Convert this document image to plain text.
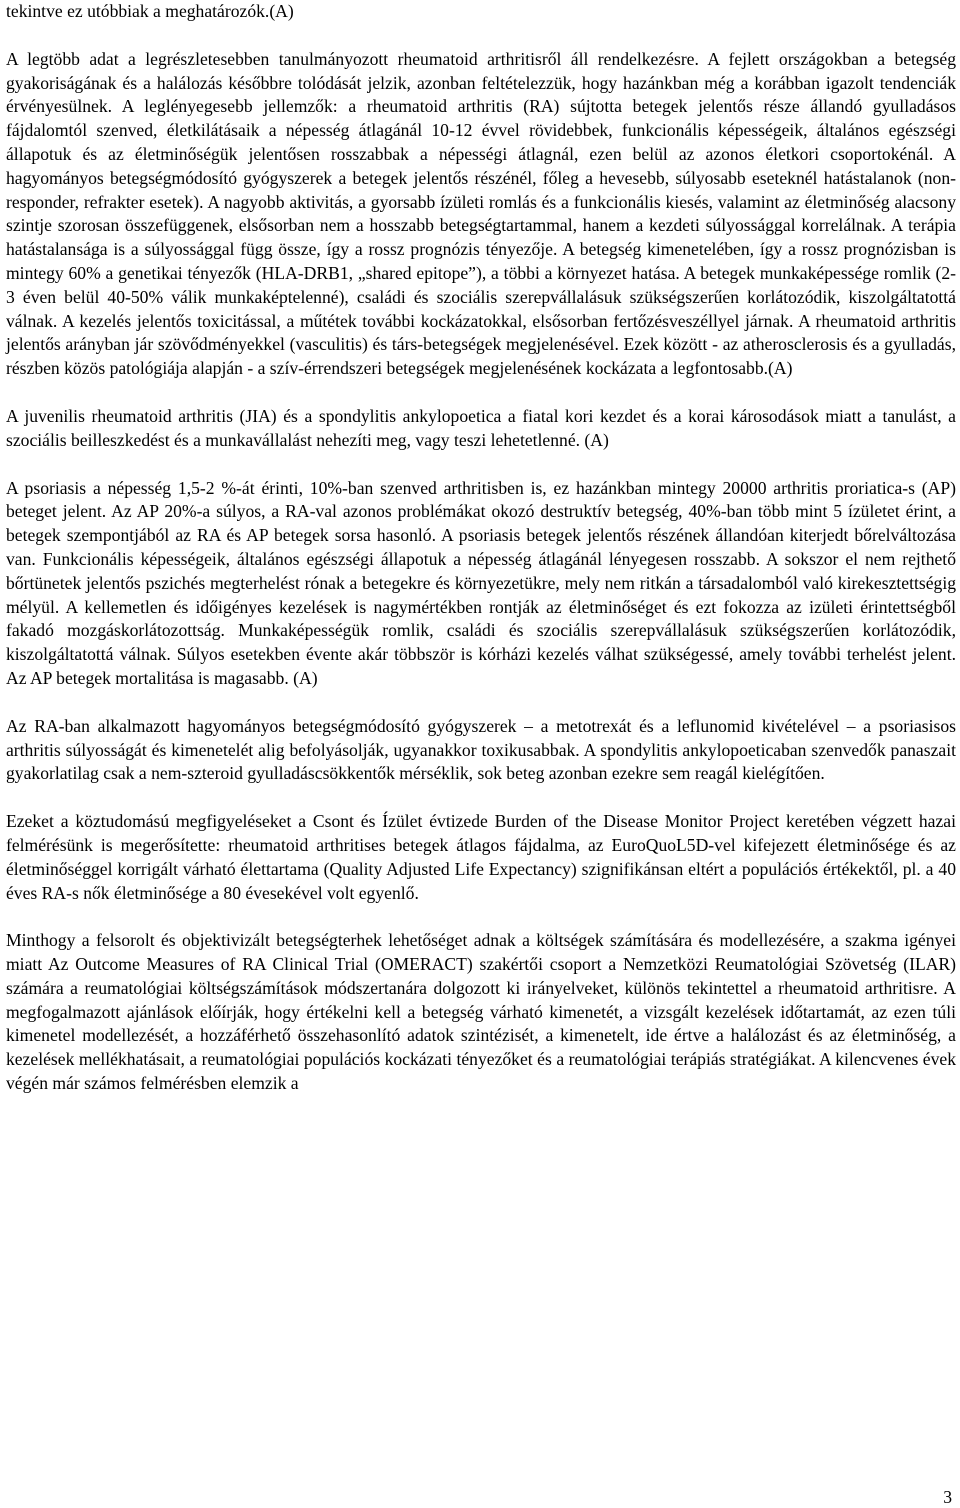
tekintve ez utóbbiak a meghatározók.(A)

A legtöbb adat a legrészletesebben tanulmányozott rheumatoid arthritisről áll rendelkezésre. A fejlett országokban a betegség gyakoriságának és a halálozás későbbre tolódását jelzik, azonban feltételezzük, hogy hazánkban még a korábban igazolt tendenciák érvényesülnek. A leglényegesebb jellemzők: a rheumatoid arthritis (RA) sújtotta betegek jelentős része állandó gyulladásos fájdalomtól szenved, életkilátásaik a népesség átlagánál 10-12 évvel rövidebbek, funkcionális képességeik, általános egészségi állapotuk és az életminőségük jelentősen rosszabbak a népességi átlagnál, ezen belül az azonos életkori csoportokénál. A hagyományos betegségmódosító gyógyszerek a betegek jelentős részénél, főleg a hevesebb, súlyosabb eseteknél hatástalanok (non-responder, refrakter esetek). A nagyobb aktivitás, a gyorsabb ízületi romlás és a funkcionális kiesés, valamint az életminőség alacsony szintje szorosan összefüggenek, elsősorban nem a hosszabb betegségtartammal, hanem a kezdeti súlyossággal korrelálnak. A terápia hatástalansága is a súlyossággal függ össze, így a rossz prognózis tényezője. A betegség kimenetelében, így a rossz prognózisban is mintegy 60% a genetikai tényezők (HLA-DRB1, „shared epitope”), a többi a környezet hatása. A betegek munkaképessége romlik (2-3 éven belül 40-50% válik munkaképtelenné), családi és szociális szerepvállalásuk szükségszerűen korlátozódik, kiszolgáltatottá válnak. A kezelés jelentős toxicitással, a műtétek további kockázatokkal, elsősorban fertőzésveszéllyel járnak. A rheumatoid arthritis jelentős arányban jár szövődményekkel (vasculitis) és társ-betegségek megjelenésével. Ezek között - az atherosclerosis és a gyulladás, részben közös patológiája alapján - a szív-érrendszeri betegségek megjelenésének kockázata a legfontosabb.(A)

A juvenilis rheumatoid arthritis (JIA) és a spondylitis ankylopoetica a fiatal kori kezdet és a korai károsodások miatt a tanulást, a szociális beilleszkedést és a munkavállalást nehezíti meg, vagy teszi lehetetlenné. (A)

A psoriasis a népesség 1,5-2 %-át érinti, 10%-ban szenved arthritisben is, ez hazánkban mintegy 20000 arthritis proriatica-s (AP) beteget jelent. Az AP 20%-a súlyos, a RA-val azonos problémákat okozó destruktív betegség, 40%-ban több mint 5 ízületet érint, a betegek szempontjából az RA és AP betegek sorsa hasonló. A psoriasis betegek jelentős részének állandóan kiterjedt bőrelváltozása van. Funkcionális képességeik, általános egészségi állapotuk a népesség átlagánál lényegesen rosszabb. A sokszor el nem rejthető bőrtünetek jelentős pszichés megterhelést rónak a betegekre és környezetükre, mely nem ritkán a társadalomból való kirekesztettségig mélyül. A kellemetlen és időigényes kezelések is nagymértékben rontják az életminőséget és ezt fokozza az izületi érintettségből fakadó mozgáskorlátozottság. Munkaképességük romlik, családi és szociális szerepvállalásuk szükségszerűen korlátozódik, kiszolgáltatottá válnak. Súlyos esetekben évente akár többször is kórházi kezelés válhat szükségessé, amely további terhelést jelent. Az AP betegek mortalitása is magasabb. (A)

Az RA-ban alkalmazott hagyományos betegségmódosító gyógyszerek – a metotrexát és a leflunomid kivételével – a psoriasisos arthritis súlyosságát és kimenetelét alig befolyásolják, ugyanakkor toxikusabbak. A spondylitis ankylopoeticaban szenvedők panaszait gyakorlatilag csak a nem-szteroid gyulladáscsökkentők mérséklik, sok beteg azonban ezekre sem reagál kielégítően.

Ezeket a köztudomású megfigyeléseket a Csont és Ízület évtizede Burden of the Disease Monitor Project keretében végzett hazai felmérésünk is megerősítette: rheumatoid arthritises betegek átlagos fájdalma, az EuroQuoL5D-vel kifejezett életminősége és az életminőséggel korrigált várható élettartama (Quality Adjusted Life Expectancy) szignifikánsan eltért a populációs értékektől, pl. a 40 éves RA-s nők életminősége a 80 évesekével volt egyenlő.

Minthogy a felsorolt és objektivizált betegségterhek lehetőséget adnak a költségek számítására és modellezésére, a szakma igényei miatt Az Outcome Measures of RA Clinical Trial (OMERACT) szakértői csoport a Nemzetközi Reumatológiai Szövetség (ILAR) számára a reumatológiai költségszámítások módszertanára dolgozott ki irányelveket, különös tekintettel a rheumatoid arthritisre. A megfogalmazott ajánlások előírják, hogy értékelni kell a betegség várható kimenetét, a vizsgált kezelések időtartamát, az ezen túli kimenetel modellezését, a hozzáférhető összehasonlító adatok szintézisét, a kimenetelt, ide értve a halálozást és az életminőség, a kezelések mellékhatásait, a reumatológiai populációs kockázati tényezőket és a reumatológiai terápiás stratégiákat. A kilencvenes évek végén már számos felmérésben elemzik a

3
